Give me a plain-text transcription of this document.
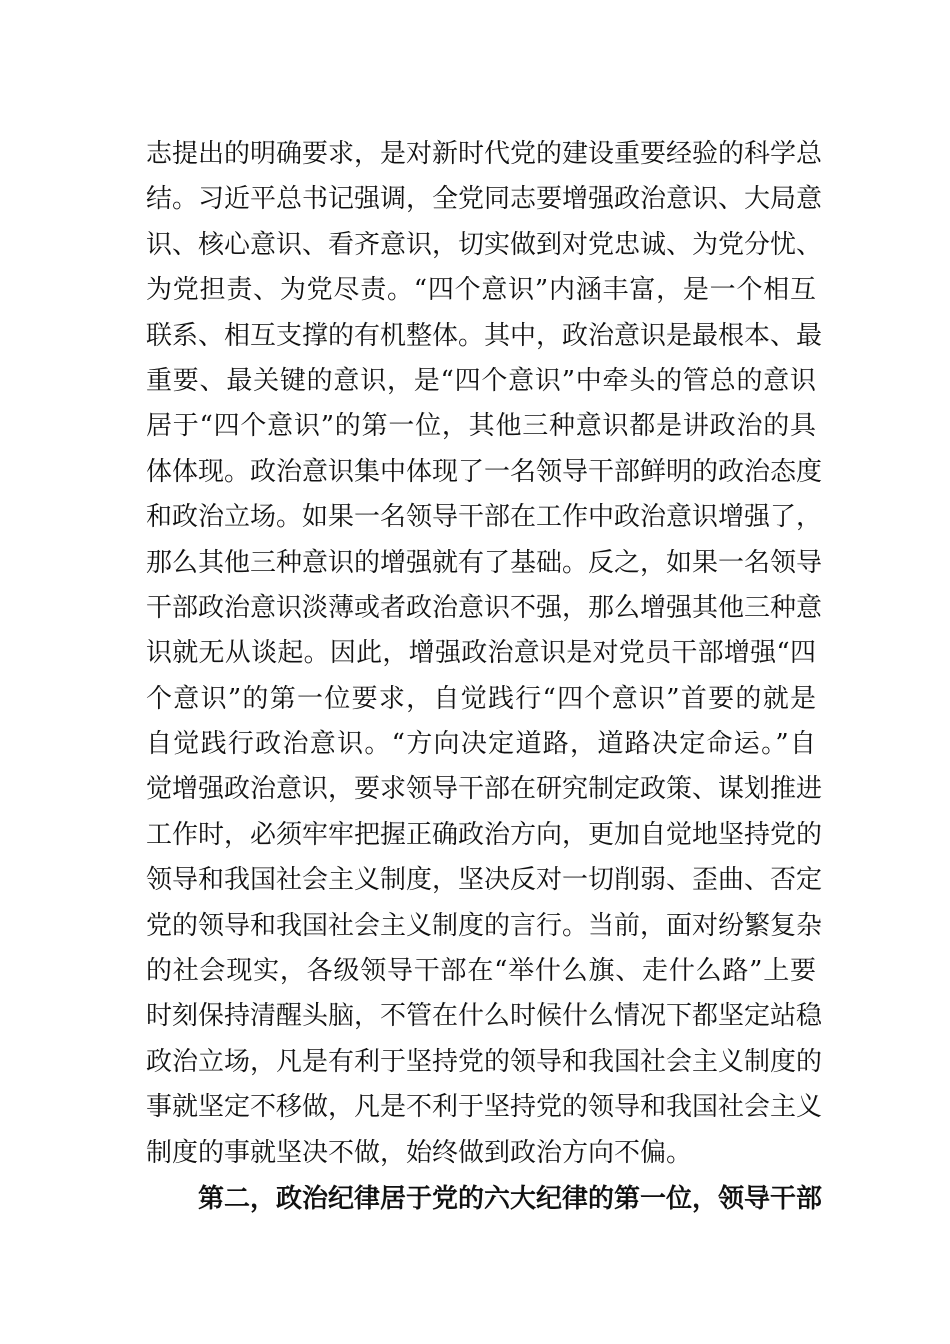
志提出的明确要求，是对新时代党的建设重要经验的科学总
结。习近平总书记强调，全党同志要增强政治意识、大局意
识、核心意识、看齐意识，切实做到对党忠诚、为党分忧、
为党担责、为党尽责。“四个意识”内涵丰富，是一个相互
联系、相互支撑的有机整体。其中，政治意识是最根本、最
重要、最关键的意识，是“四个意识”中牵头的管总的意识
居于“四个意识”的第一位，其他三种意识都是讲政治的具
体体现。政治意识集中体现了一名领导干部鲜明的政治态度
和政治立场。如果一名领导干部在工作中政治意识增强了，
那么其他三种意识的增强就有了基础。反之，如果一名领导
干部政治意识淡薄或者政治意识不强，那么增强其他三种意
识就无从谈起。因此，增强政治意识是对党员干部增强“四
个意识”的第一位要求，自觉践行“四个意识”首要的就是
自觉践行政治意识。“方向决定道路，道路决定命运。”自
觉增强政治意识，要求领导干部在研究制定政策、谋划推进
工作时，必须牢牢把握正确政治方向，更加自觉地坚持党的
领导和我国社会主义制度，坚决反对一切削弱、歪曲、否定
党的领导和我国社会主义制度的言行。当前，面对纷繁复杂
的社会现实，各级领导干部在“举什么旗、走什么路”上要
时刻保持清醒头脑，不管在什么时候什么情况下都坚定站稳
政治立场，凡是有利于坚持党的领导和我国社会主义制度的
事就坚定不移做，凡是不利于坚持党的领导和我国社会主义
制度的事就坚决不做，始终做到政治方向不偏。
第二，政治纪律居于党的六大纪律的第一位，领导干部
